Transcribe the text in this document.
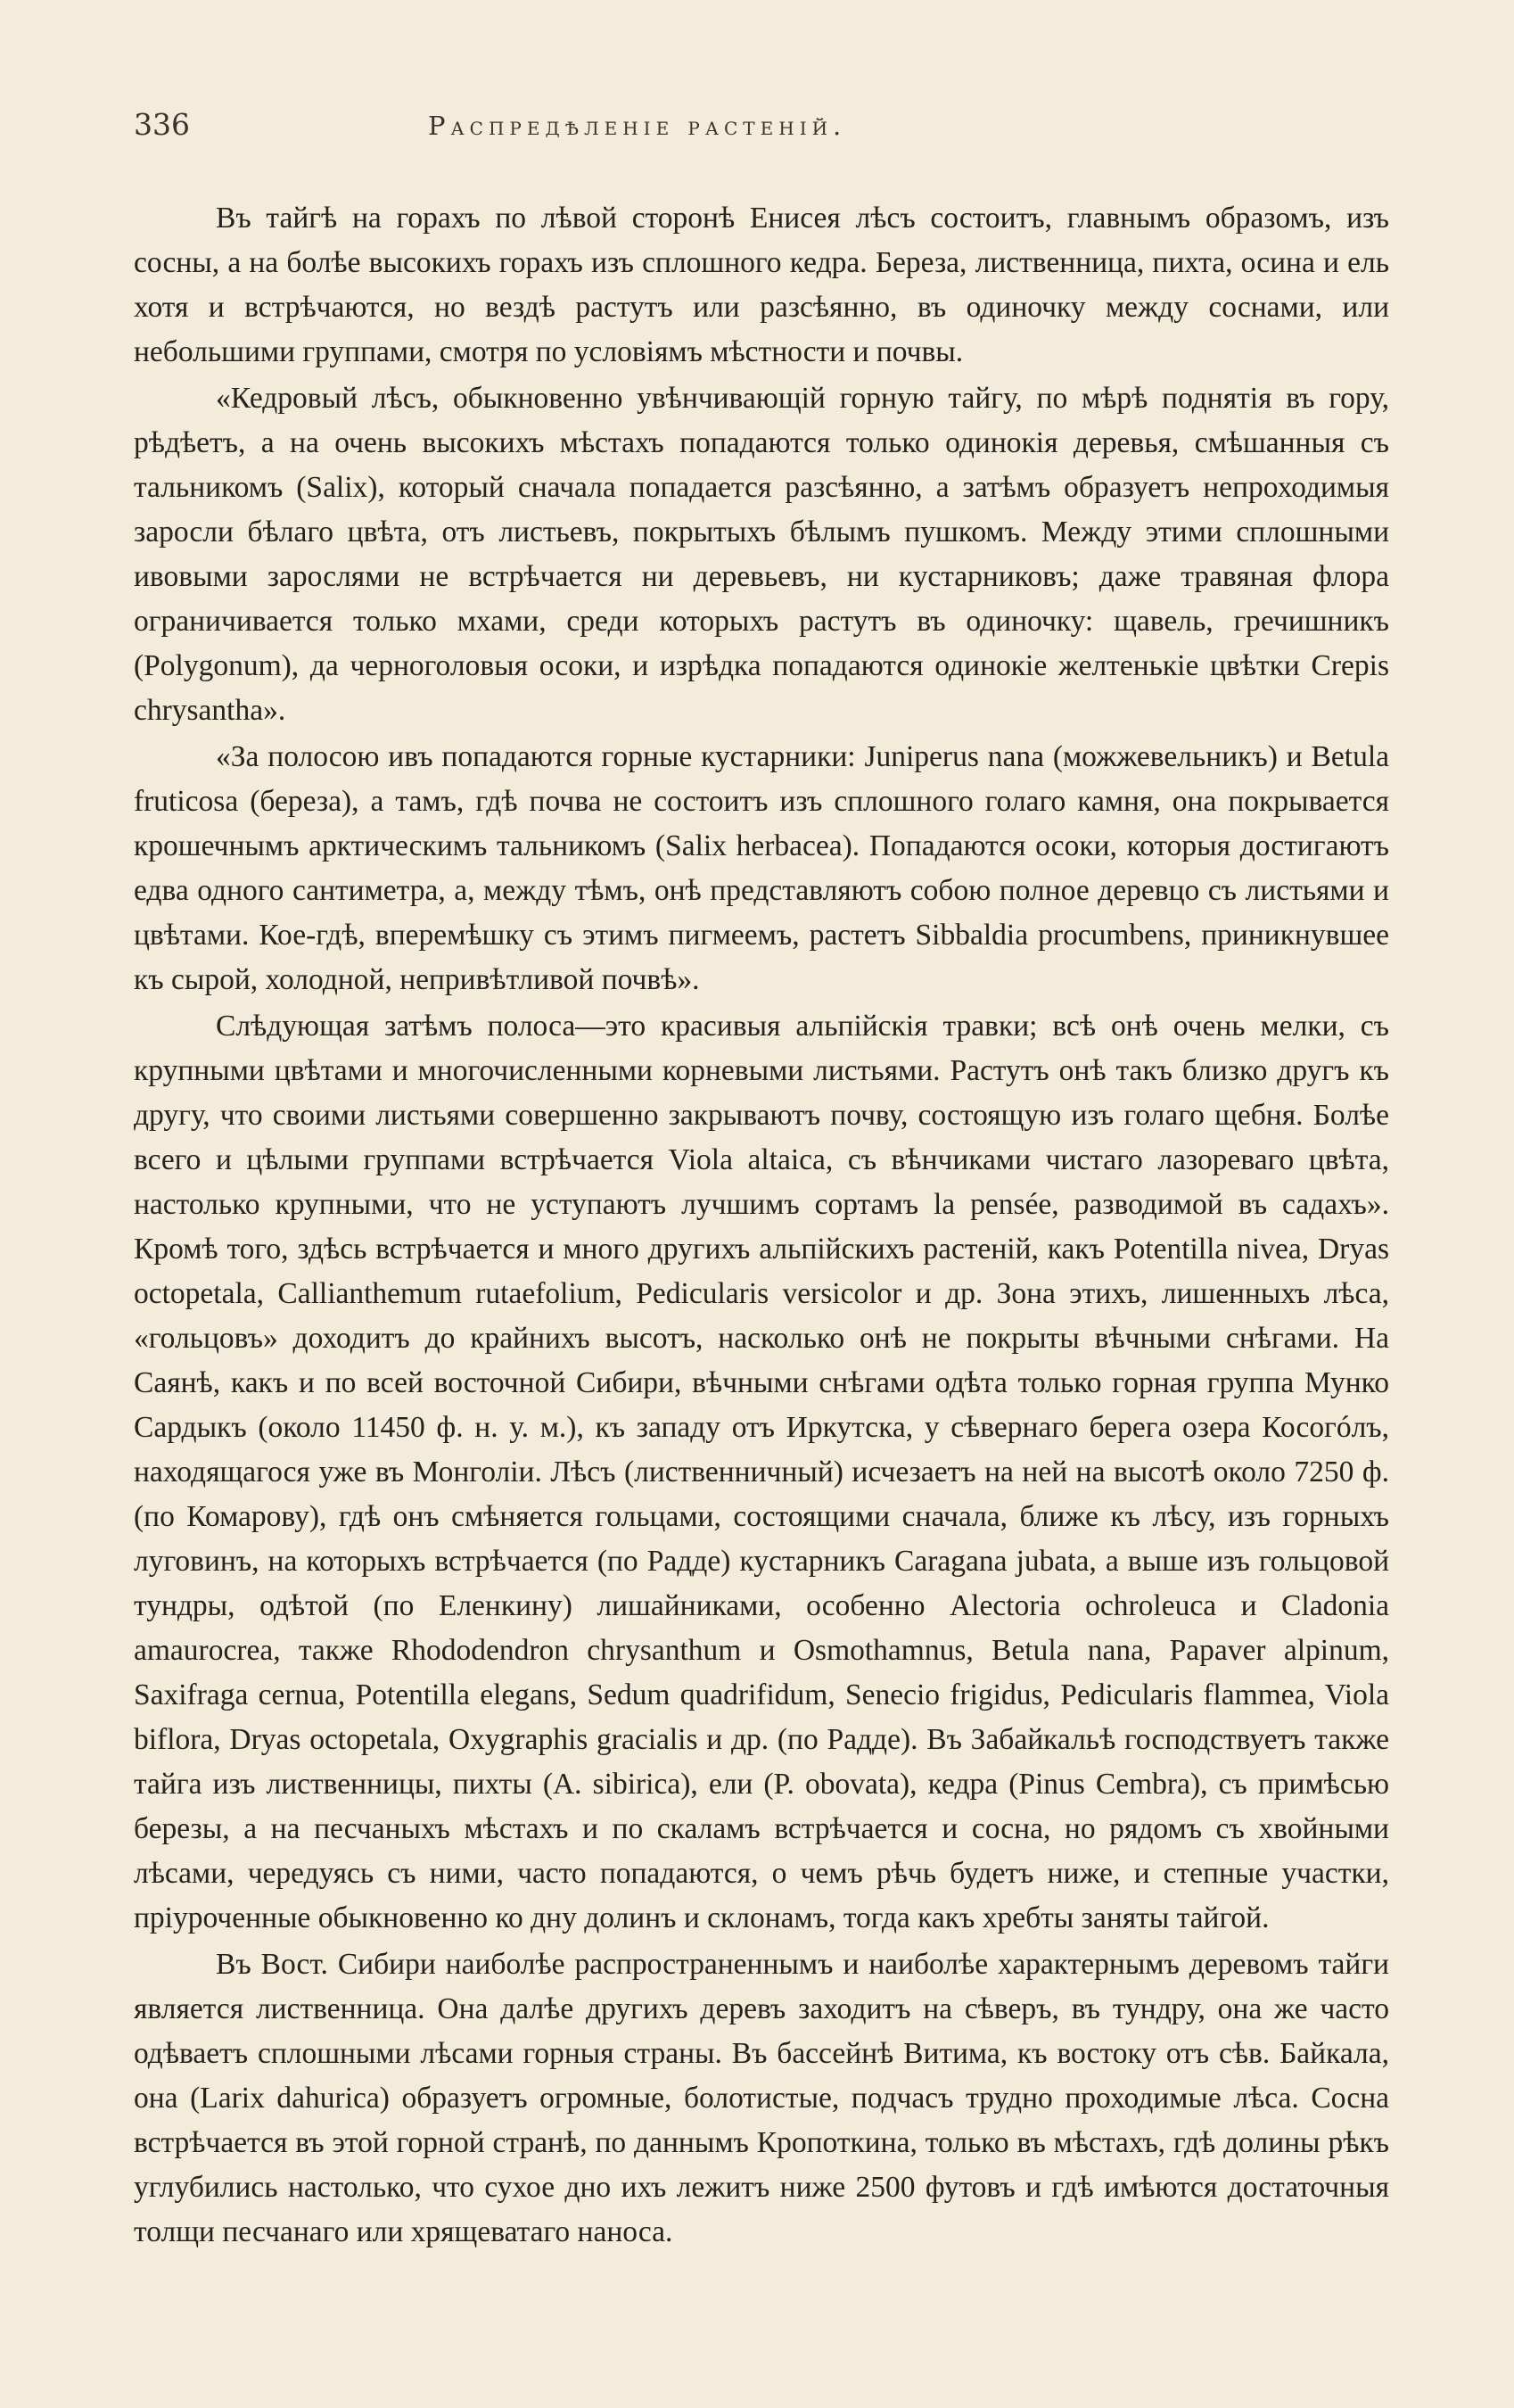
336	Распредѣленіе растеній.

Въ тайгѣ на горахъ по лѣвой сторонѣ Енисея лѣсъ состоитъ, главнымъ образомъ, изъ сосны, а на болѣе высокихъ горахъ изъ сплошного кедра. Береза, лиственница, пихта, осина и ель хотя и встрѣчаются, но вездѣ растутъ или разсѣянно, въ одиночку между соснами, или небольшими группами, смотря по условіямъ мѣстности и почвы.

«Кедровый лѣсъ, обыкновенно увѣнчивающій горную тайгу, по мѣрѣ поднятія въ гору, рѣдѣетъ, а на очень высокихъ мѣстахъ попадаются только одинокія деревья, смѣшанныя съ тальникомъ (Salix), который сначала попадается разсѣянно, а затѣмъ образуетъ непроходимыя заросли бѣлаго цвѣта, отъ листьевъ, покрытыхъ бѣлымъ пушкомъ. Между этими сплошными ивовыми зарослями не встрѣчается ни деревьевъ, ни кустарниковъ; даже травяная флора ограничивается только мхами, среди которыхъ растутъ въ одиночку: щавель, гречишникъ (Polygonum), да черноголовыя осоки, и изрѣдка попадаются одинокіе желтенькіе цвѣтки Crepis chrysantha».

«За полосою ивъ попадаются горные кустарники: Juniperus nana (можжевельникъ) и Betula fruticosa (береза), а тамъ, гдѣ почва не состоитъ изъ сплошного голаго камня, она покрывается крошечнымъ арктическимъ тальникомъ (Salix herbacea). Попадаются осоки, которыя достигаютъ едва одного сантиметра, а, между тѣмъ, онѣ представляютъ собою полное деревцо съ листьями и цвѣтами. Кое-гдѣ, вперемѣшку съ этимъ пигмеемъ, растетъ Sibbaldia procumbens, приникнувшее къ сырой, холодной, непривѣтливой почвѣ».

Слѣдующая затѣмъ полоса—это красивыя альпійскія травки; всѣ онѣ очень мелки, съ крупными цвѣтами и многочисленными корневыми листьями. Растутъ онѣ такъ близко другъ къ другу, что своими листьями совершенно закрываютъ почву, состоящую изъ голаго щебня. Болѣе всего и цѣлыми группами встрѣчается Viola altaica, съ вѣнчиками чистаго лазореваго цвѣта, настолько крупными, что не уступаютъ лучшимъ сортамъ la pensée, разводимой въ садахъ». Кромѣ того, здѣсь встрѣчается и много другихъ альпійскихъ растеній, какъ Potentilla nivea, Dryas octopetala, Callianthemum rutaefolium, Pedicularis versicolor и др. Зона этихъ, лишенныхъ лѣса, «гольцовъ» доходитъ до крайнихъ высотъ, насколько онѣ не покрыты вѣчными снѣгами. На Саянѣ, какъ и по всей восточной Сибири, вѣчными снѣгами одѣта только горная группа Мунко Сардыкъ (около 11450 ф. н. у. м.), къ западу отъ Иркутска, у сѣвернаго берега озера Косогóлъ, находящагося уже въ Монголіи. Лѣсъ (лиственничный) исчезаетъ на ней на высотѣ около 7250 ф. (по Комарову), гдѣ онъ смѣняется гольцами, состоящими сначала, ближе къ лѣсу, изъ горныхъ луговинъ, на которыхъ встрѣчается (по Радде) кустарникъ Caragana jubata, а выше изъ гольцовой тундры, одѣтой (по Еленкину) лишайниками, особенно Alectoria ochroleuca и Cladonia amaurocrea, также Rhododendron chrysanthum и Osmothamnus, Betula nana, Papaver alpinum, Saxifraga cernua, Potentilla elegans, Sedum quadrifidum, Senecio frigidus, Pedicularis flammea, Viola biflora, Dryas octopetala, Oxygraphis gracialis и др. (по Радде). Въ Забайкальѣ господствуетъ также тайга изъ лиственницы, пихты (A. sibirica), ели (P. obovata), кедра (Pinus Cembra), съ примѣсью березы, а на песчаныхъ мѣстахъ и по скаламъ встрѣчается и сосна, но рядомъ съ хвойными лѣсами, чередуясь съ ними, часто попадаются, о чемъ рѣчь будетъ ниже, и степные участки, пріуроченные обыкновенно ко дну долинъ и склонамъ, тогда какъ хребты заняты тайгой.

Въ Вост. Сибири наиболѣе распространеннымъ и наиболѣе характернымъ деревомъ тайги является лиственница. Она далѣе другихъ деревъ заходитъ на сѣверъ, въ тундру, она же часто одѣваетъ сплошными лѣсами горныя страны. Въ бассейнѣ Витима, къ востоку отъ сѣв. Байкала, она (Larix dahurica) образуетъ огромные, болотистые, подчасъ трудно проходимые лѣса. Сосна встрѣчается въ этой горной странѣ, по даннымъ Кропоткина, только въ мѣстахъ, гдѣ долины рѣкъ углубились настолько, что сухое дно ихъ лежитъ ниже 2500 футовъ и гдѣ имѣются достаточныя толщи песчанаго или хрящеватаго наноса.
